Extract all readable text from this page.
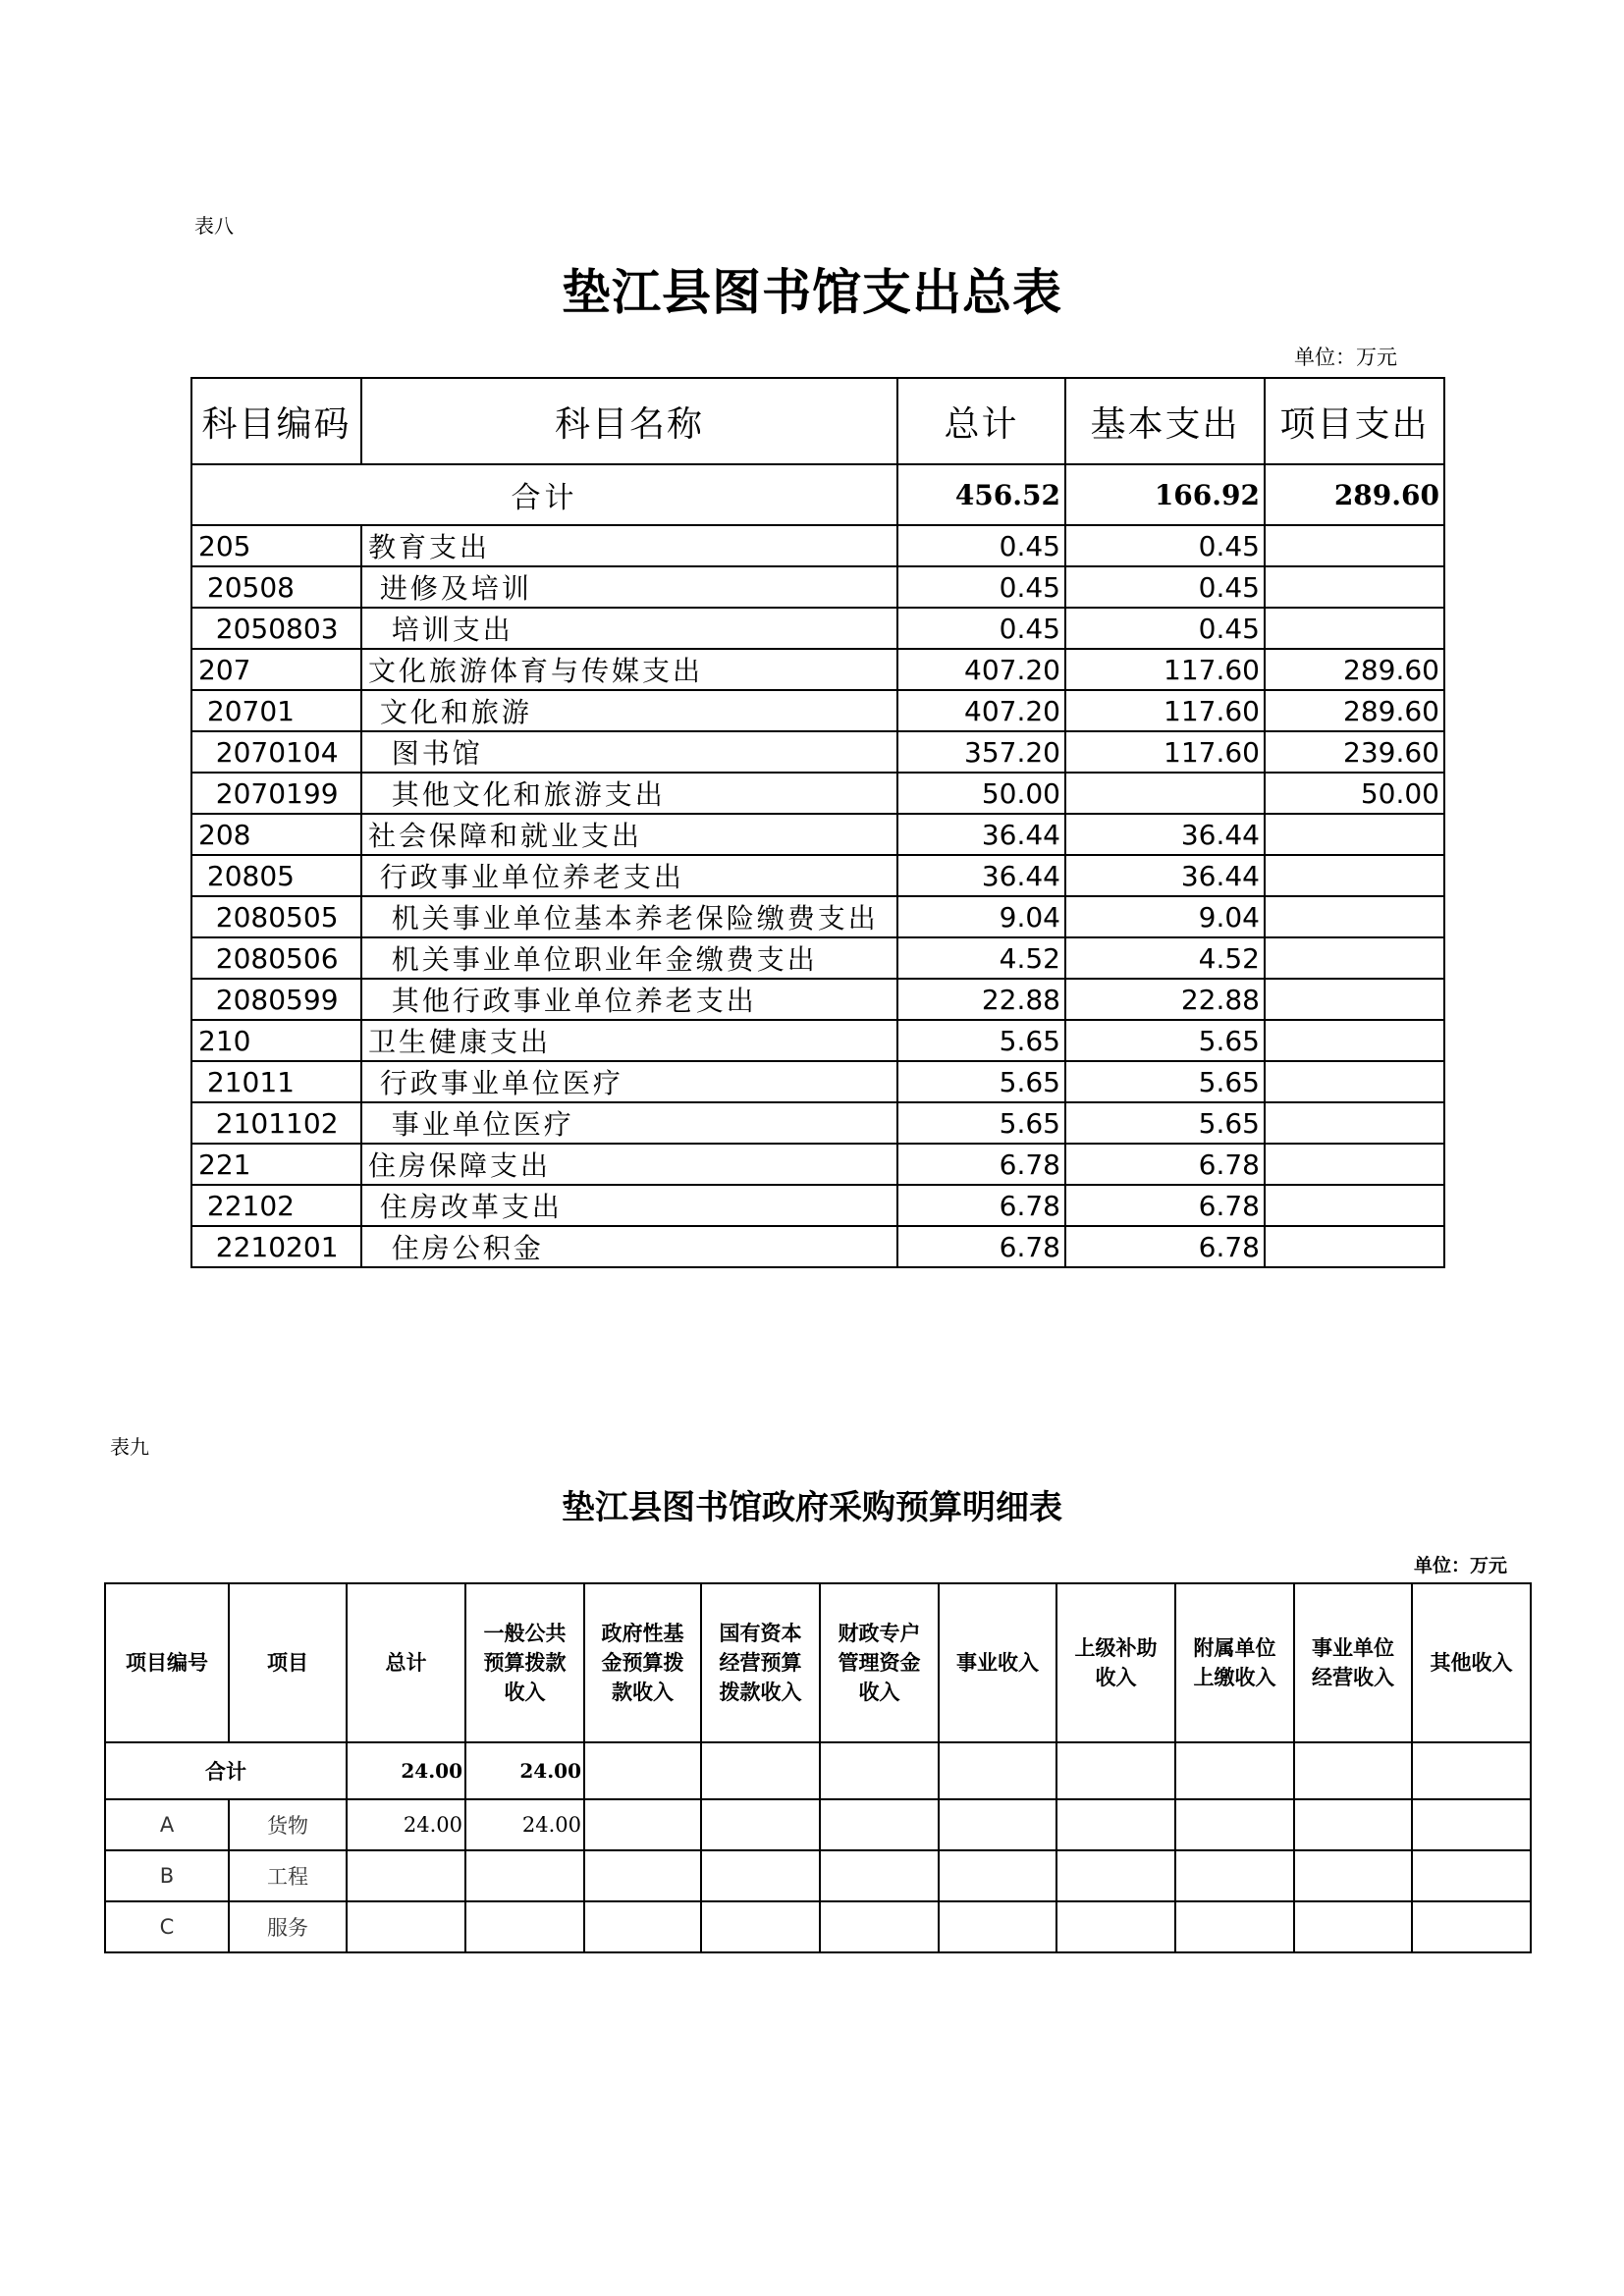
表八
垫江县图书馆支出总表
单位：万元
科目编码	科目名称	总计	基本支出	项目支出
合计		456.52	166.92	289.60
205	教育支出	0.45	0.45	
20508	进修及培训	0.45	0.45	
2050803	培训支出	0.45	0.45	
207	文化旅游体育与传媒支出	407.20	117.60	289.60
20701	文化和旅游	407.20	117.60	289.60
2070104	图书馆	357.20	117.60	239.60
2070199	其他文化和旅游支出	50.00		50.00
208	社会保障和就业支出	36.44	36.44	
20805	行政事业单位养老支出	36.44	36.44	
2080505	机关事业单位基本养老保险缴费支出	9.04	9.04	
2080506	机关事业单位职业年金缴费支出	4.52	4.52	
2080599	其他行政事业单位养老支出	22.88	22.88	
210	卫生健康支出	5.65	5.65	
21011	行政事业单位医疗	5.65	5.65	
2101102	事业单位医疗	5.65	5.65	
221	住房保障支出	6.78	6.78	
22102	住房改革支出	6.78	6.78	
2210201	住房公积金	6.78	6.78	
表九
垫江县图书馆政府采购预算明细表
单位：万元
项目编号	项目	总计	一般公共
预算拨款
收入	政府性基
金预算拨
款收入	国有资本
经营预算
拨款收入	财政专户
管理资金
收入	事业收入	上级补助
收入	附属单位
上缴收入	事业单位
经营收入	其他收入
合计		24.00	24.00								
A	货物	24.00	24.00								
B	工程										
C	服务										
